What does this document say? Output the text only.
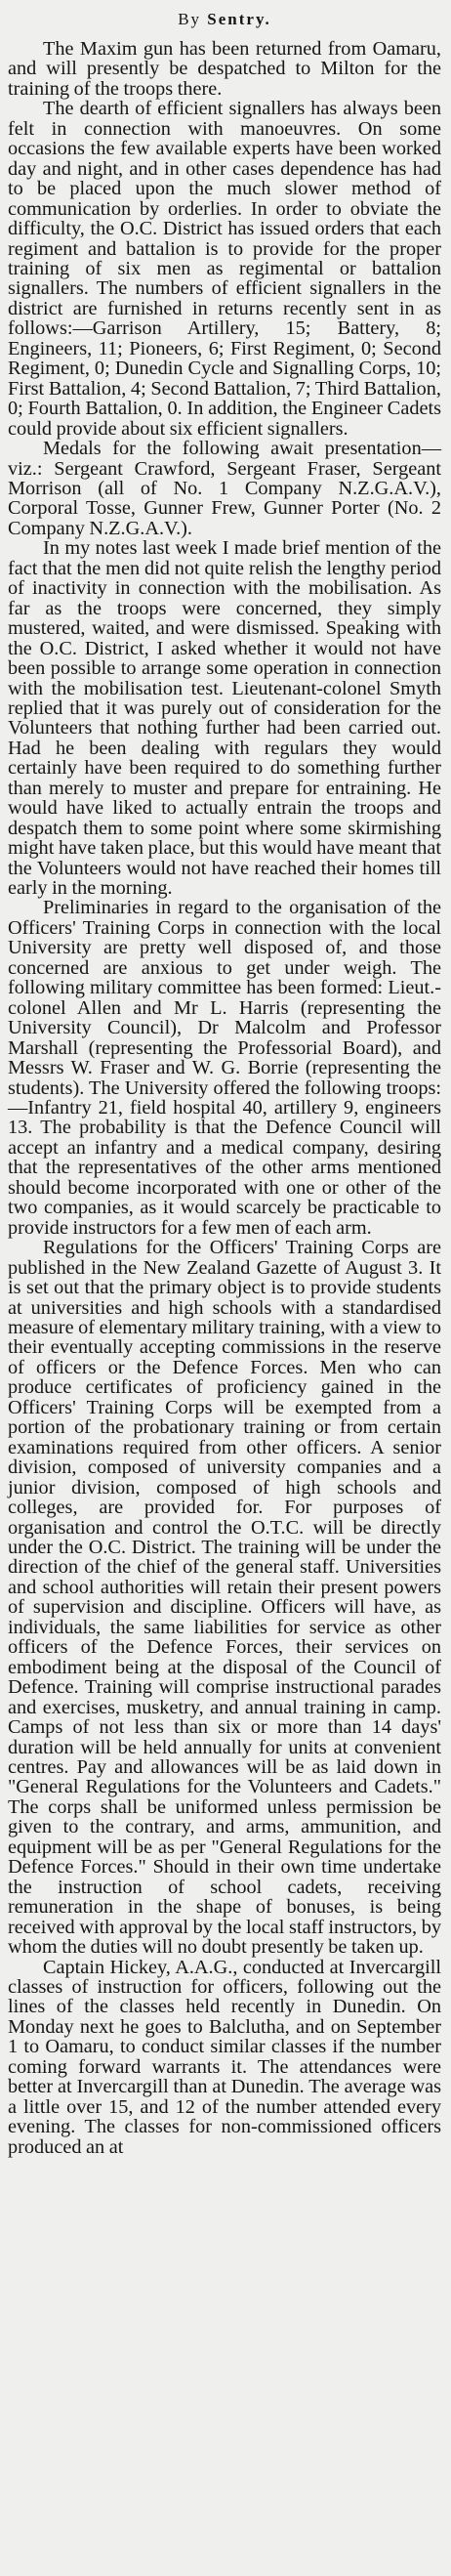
By Sentry.

The Maxim gun has been returned from Oamaru, and will presently be despatched to Milton for the training of the troops there.

The dearth of efficient signallers has always been felt in connection with manoeuvres. On some occasions the few available experts have been worked day and night, and in other cases dependence has had to be placed upon the much slower method of communication by orderlies. In order to obviate the difficulty, the O.C. District has issued orders that each regiment and battalion is to provide for the proper training of six men as regimental or battalion signallers. The numbers of efficient signallers in the district are furnished in returns recently sent in as follows:—Garrison Artillery, 15; Battery, 8; Engineers, 11; Pioneers, 6; First Regiment, 0; Second Regiment, 0; Dunedin Cycle and Signalling Corps, 10; First Battalion, 4; Second Battalion, 7; Third Battalion, 0; Fourth Battalion, 0. In addition, the Engineer Cadets could provide about six efficient signallers.

Medals for the following await presentation—viz.: Sergeant Crawford, Sergeant Fraser, Sergeant Morrison (all of No. 1 Company N.Z.G.A.V.), Corporal Tosse, Gunner Frew, Gunner Porter (No. 2 Company N.Z.G.A.V.).

In my notes last week I made brief mention of the fact that the men did not quite relish the lengthy period of inactivity in connection with the mobilisation. As far as the troops were concerned, they simply mustered, waited, and were dismissed. Speaking with the O.C. District, I asked whether it would not have been possible to arrange some operation in connection with the mobilisation test. Lieutenant-colonel Smyth replied that it was purely out of consideration for the Volunteers that nothing further had been carried out. Had he been dealing with regulars they would certainly have been required to do something further than merely to muster and prepare for entraining. He would have liked to actually entrain the troops and despatch them to some point where some skirmishing might have taken place, but this would have meant that the Volunteers would not have reached their homes till early in the morning.

Preliminaries in regard to the organisation of the Officers' Training Corps in connection with the local University are pretty well disposed of, and those concerned are anxious to get under weigh. The following military committee has been formed: Lieut.-colonel Allen and Mr L. Harris (representing the University Council), Dr Malcolm and Professor Marshall (representing the Professorial Board), and Messrs W. Fraser and W. G. Borrie (representing the students). The University offered the following troops:—Infantry 21, field hospital 40, artillery 9, engineers 13. The probability is that the Defence Council will accept an infantry and a medical company, desiring that the representatives of the other arms mentioned should become incorporated with one or other of the two companies, as it would scarcely be practicable to provide instructors for a few men of each arm.

Regulations for the Officers' Training Corps are published in the New Zealand Gazette of August 3. It is set out that the primary object is to provide students at universities and high schools with a standardised measure of elementary military training, with a view to their eventually accepting commissions in the reserve of officers or the Defence Forces. Men who can produce certificates of proficiency gained in the Officers' Training Corps will be exempted from a portion of the probationary training or from certain examinations required from other officers. A senior division, composed of university companies and a junior division, composed of high schools and colleges, are provided for. For purposes of organisation and control the O.T.C. will be directly under the O.C. District. The training will be under the direction of the chief of the general staff. Universities and school authorities will retain their present powers of supervision and discipline. Officers will have, as individuals, the same liabilities for service as other officers of the Defence Forces, their services on embodiment being at the disposal of the Council of Defence. Training will comprise instructional parades and exercises, musketry, and annual training in camp. Camps of not less than six or more than 14 days' duration will be held annually for units at convenient centres. Pay and allowances will be as laid down in "General Regulations for the Volunteers and Cadets." The corps shall be uniformed unless permission be given to the contrary, and arms, ammunition, and equipment will be as per "General Regulations for the Defence Forces." Should in their own time undertake the instruction of school cadets, receiving remuneration in the shape of bonuses, is being received with approval by the local staff instructors, by whom the duties will no doubt presently be taken up.

Captain Hickey, A.A.G., conducted at Invercargill classes of instruction for officers, following out the lines of the classes held recently in Dunedin. On Monday next he goes to Balclutha, and on September 1 to Oamaru, to conduct similar classes if the number coming forward warrants it. The attendances were better at Invercargill than at Dunedin. The average was a little over 15, and 12 of the number attended every evening. The classes for non-commissioned officers produced an at
